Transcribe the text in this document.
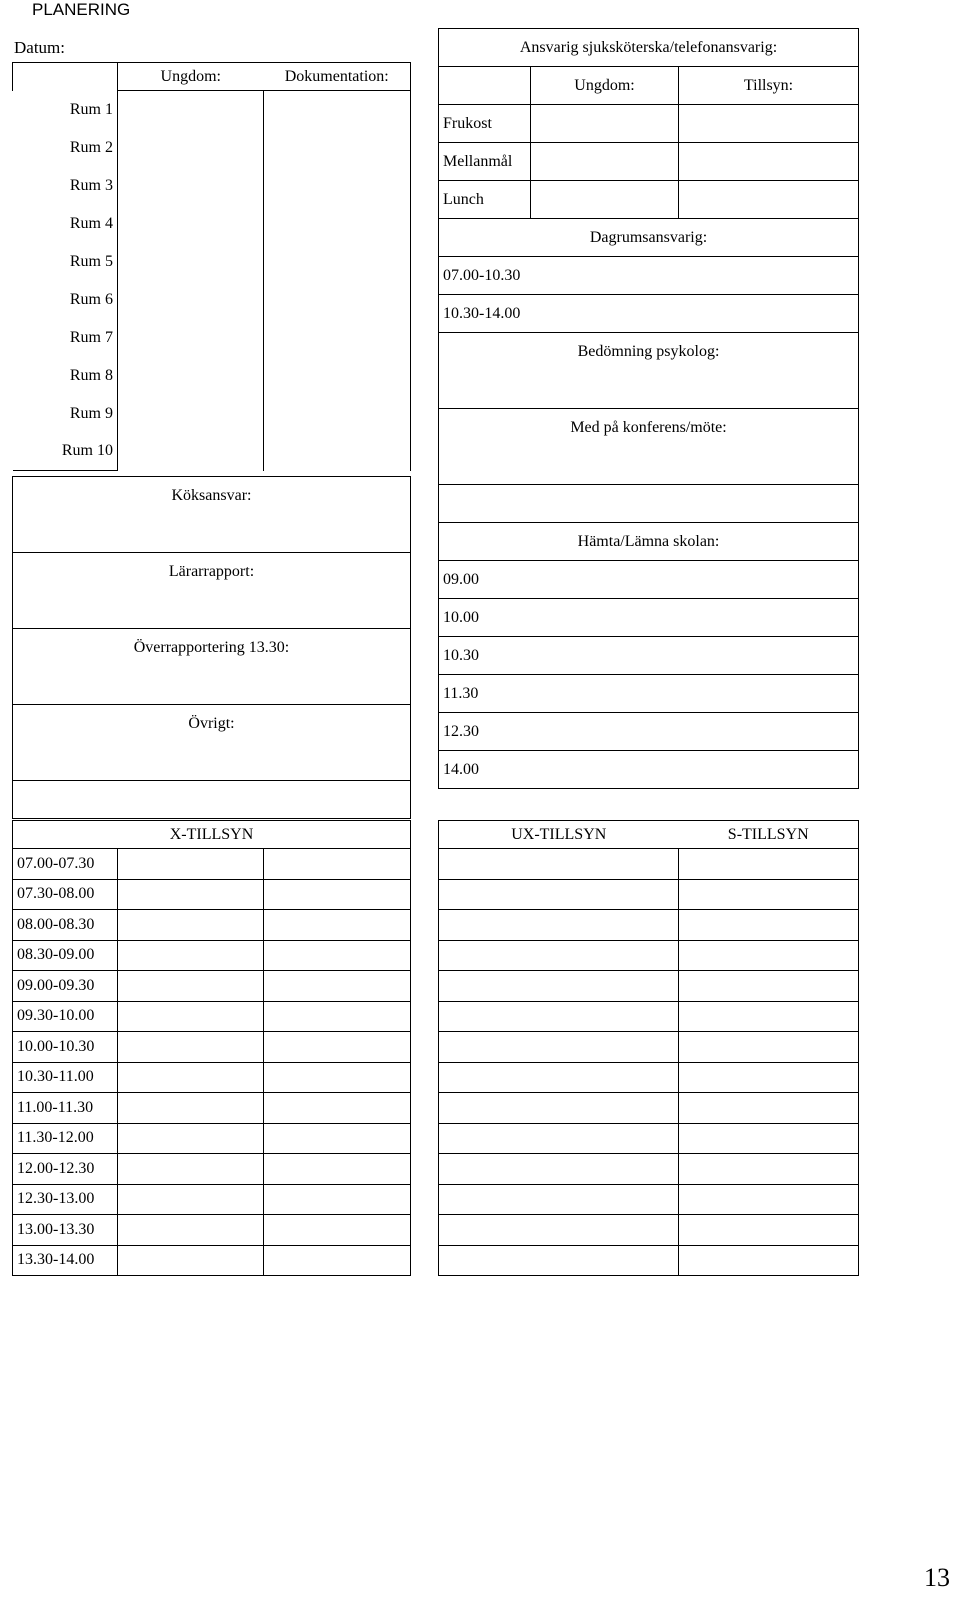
PLANERING
Datum:
	Ungdom:	Dokumentation:
Rum 1		
Rum 2		
Rum 3		
Rum 4		
Rum 5		
Rum 6		
Rum 7		
Rum 8		
Rum 9		
Rum 10		
Köksansvar:

Lärarrapport:

Överrapportering 13.30:

Övrigt:

Ansvarig sjuksköterska/telefonansvarig:		
	Ungdom:	Tillsyn:
Frukost		
Mellanmål		
Lunch		
Dagrumsansvarig:		
07.00-10.30		
10.30-14.00		
Bedömning psykolog:		

Med på konferens/möte:		

Hämta/Lämna skolan:		
09.00		
10.00		
10.30		
11.30		
12.30		
14.00		
X-TILLSYN		
07.00-07.30		
07.30-08.00		
08.00-08.30		
08.30-09.00		
09.00-09.30		
09.30-10.00		
10.00-10.30		
10.30-11.00		
11.00-11.30		
11.30-12.00		
12.00-12.30		
12.30-13.00		
13.00-13.30		
13.30-14.00		
UX-TILLSYN	S-TILLSYN

13
